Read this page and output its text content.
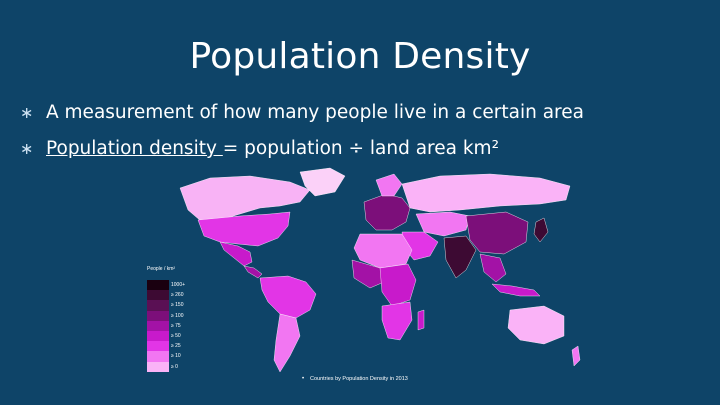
Population Density
∗ A measurement of how many people live in a certain area
∗ Population density = population ÷ land area km²
People / km²
1000+
≥ 260
≥ 150
≥ 100
≥ 75
≥ 50
≥ 25
≥ 10
≥ 0
• Countries by Population Density in 2013
